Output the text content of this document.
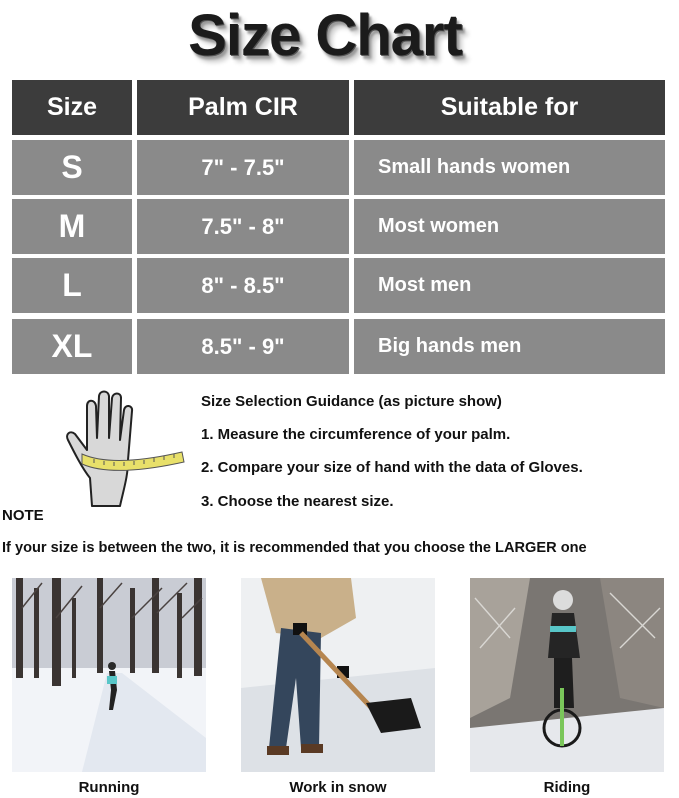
Size Chart
Size	Palm CIR	Suitable for
S	7" - 7.5"	Small hands women
M	7.5" - 8"	Most women
L	8" - 8.5"	Most men
XL	8.5" - 9"	Big hands men
Size Selection Guidance (as picture show)
1. Measure the circumference of your palm.
2. Compare your size of hand with the data of Gloves.
3. Choose the nearest size.
NOTE
If your size is between the two, it is recommended that you choose the LARGER one
Running	Work in snow	Riding
